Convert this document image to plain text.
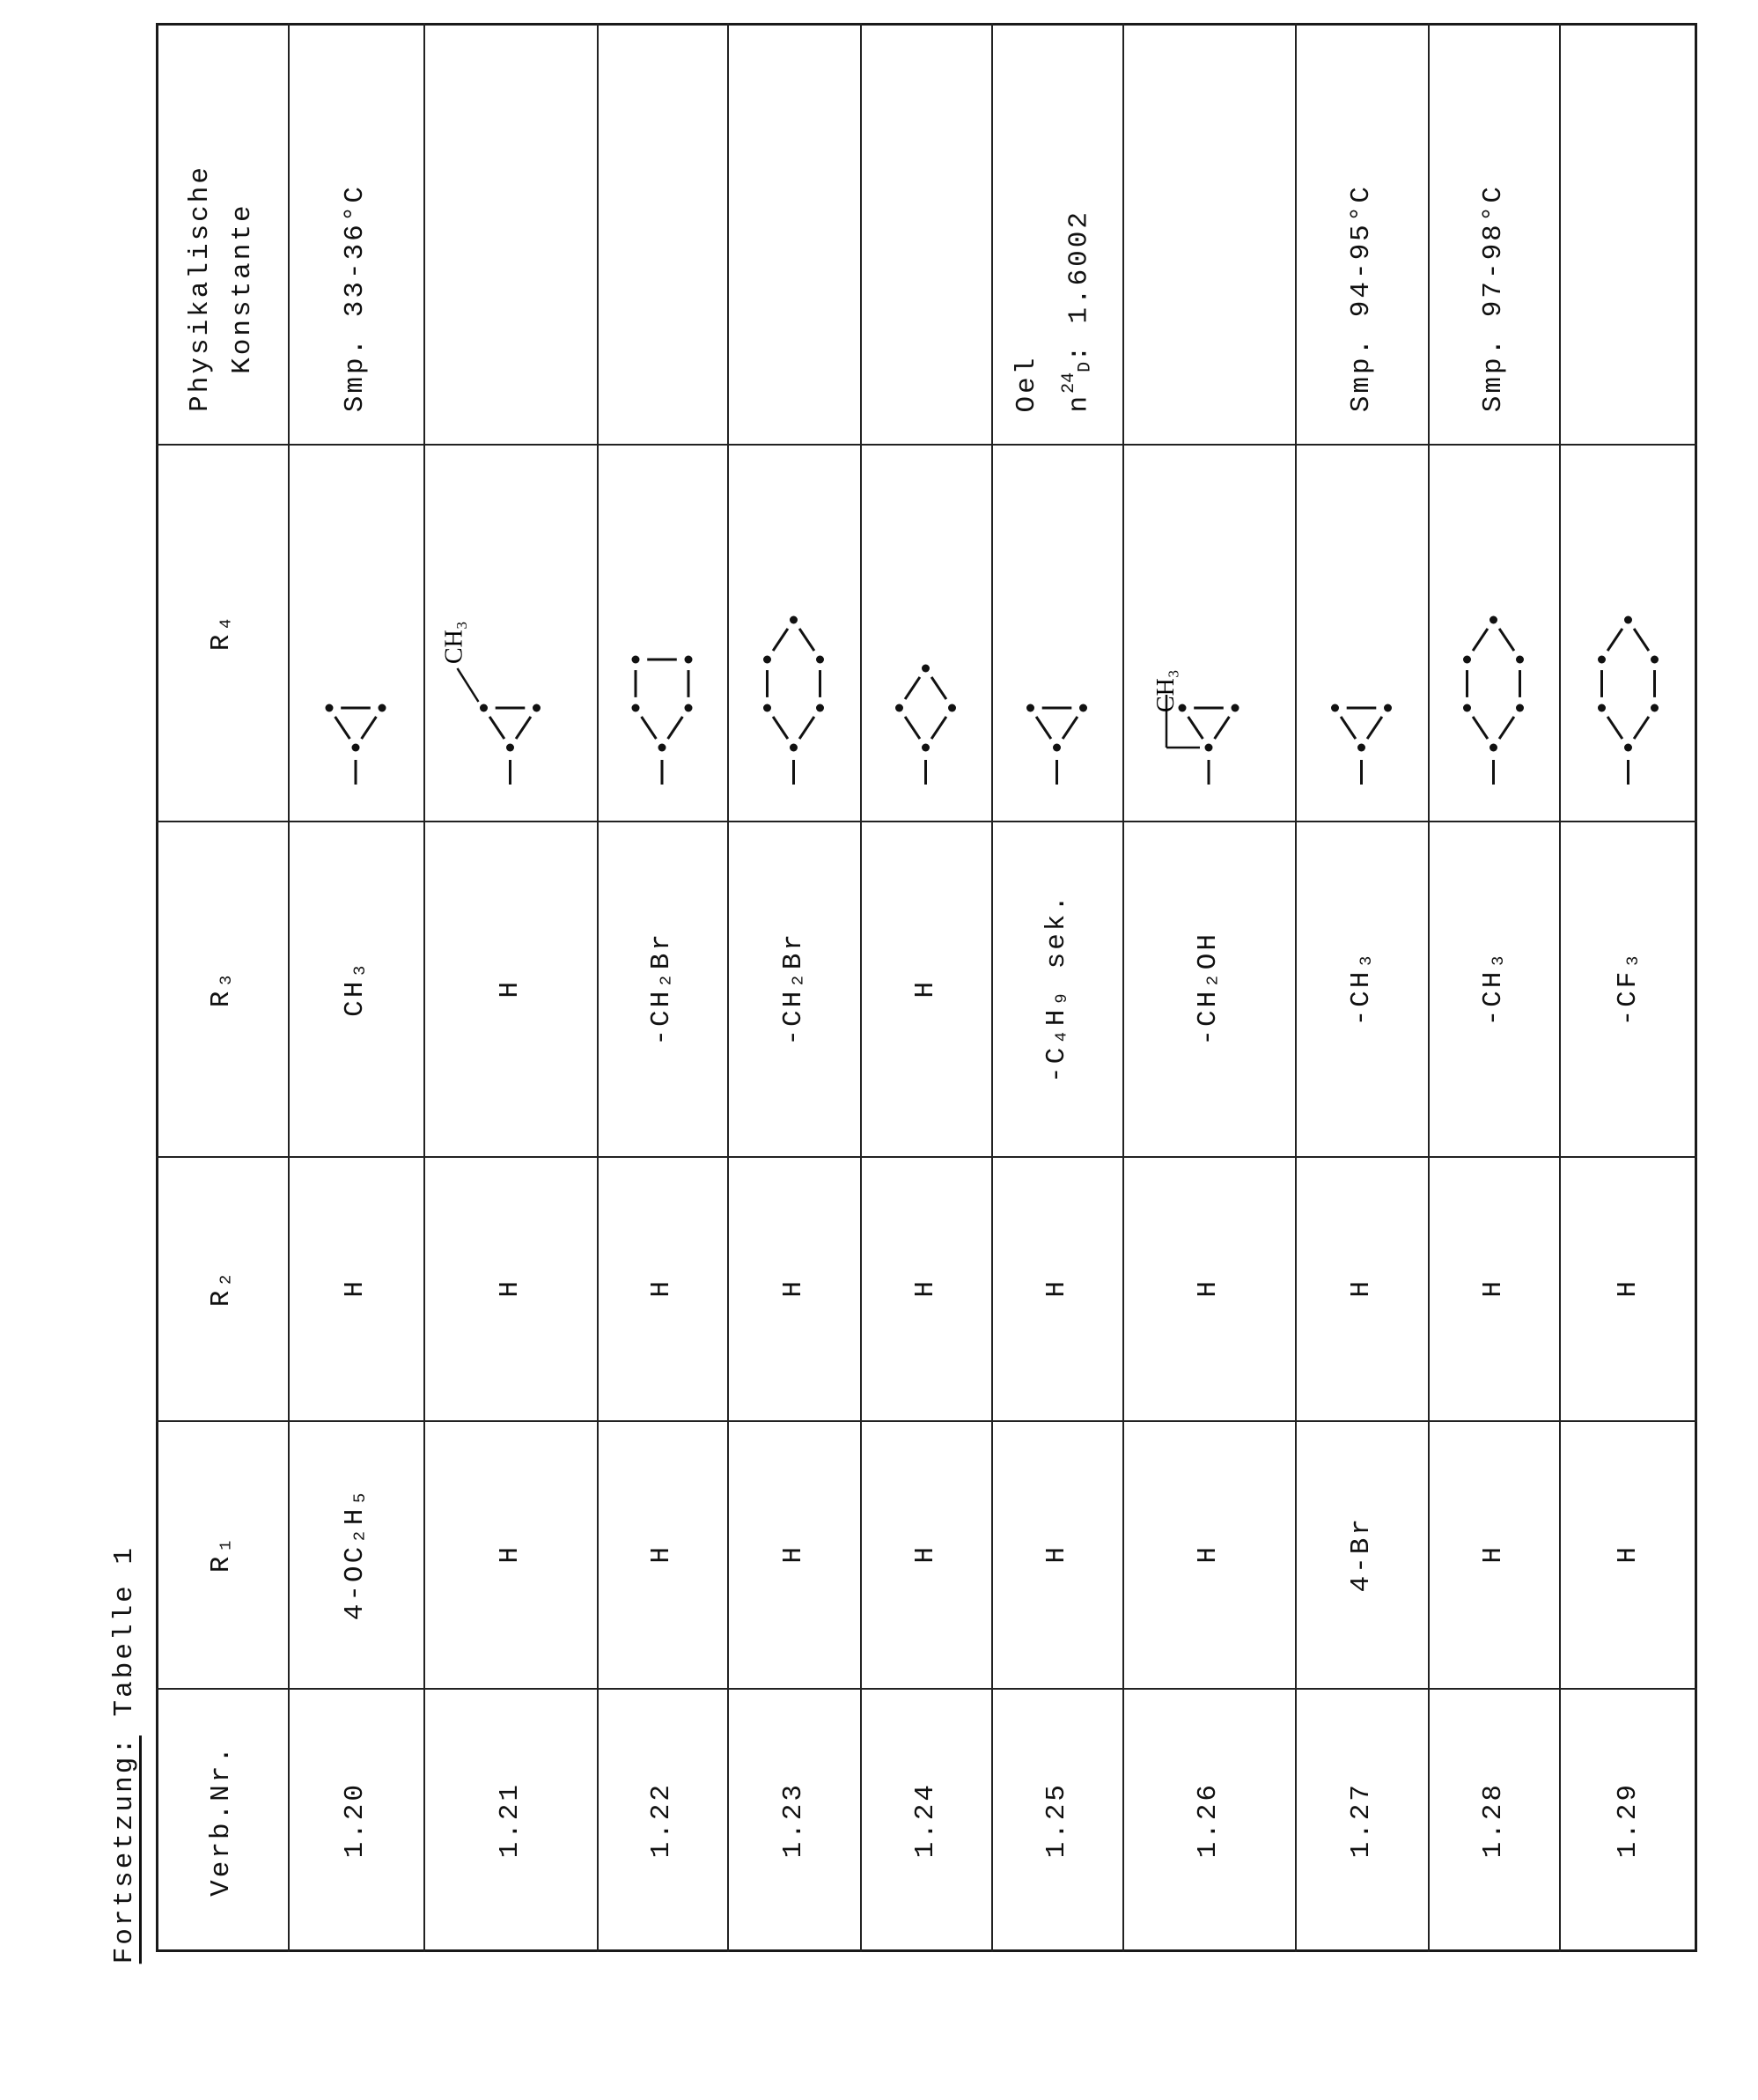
Fortsetzung: Tabelle 1
Verb.Nr.
R₁
R₂
R₃
R₄
Physikalische Konstante
1.20
4-OC₂H₅
H
CH₃
Smp. 33-36°C
1.21
H
H
H
CH₃
1.22
H
H
-CH₂Br
1.23
H
H
-CH₂Br
1.24
H
H
H
1.25
H
H
-C₄H₉ sek.
Oel n24D: 1.6002
1.26
H
H
-CH₂OH
CH₃
1.27
4-Br
H
-CH₃
Smp. 94-95°C
1.28
H
H
-CH₃
Smp. 97-98°C
1.29
H
H
-CF₃
